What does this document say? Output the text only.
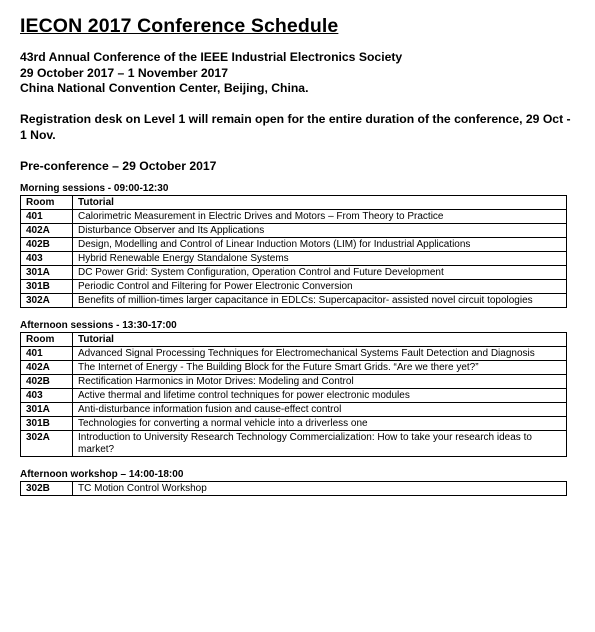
IECON 2017 Conference Schedule
43rd Annual Conference of the IEEE Industrial Electronics Society
29 October 2017 – 1 November 2017
China National Convention Center, Beijing, China.
Registration desk on Level 1 will remain open for the entire duration of the conference, 29 Oct - 1 Nov.
Pre-conference – 29 October 2017
Morning sessions - 09:00-12:30
Room	Tutorial
401	Calorimetric Measurement in Electric Drives and Motors – From Theory to Practice
402A	Disturbance Observer and Its Applications
402B	Design, Modelling and Control of Linear Induction Motors (LIM) for Industrial Applications
403	Hybrid Renewable Energy Standalone Systems
301A	DC Power Grid: System Configuration, Operation Control and Future Development
301B	Periodic Control and Filtering for Power Electronic Conversion
302A	Benefits of million-times larger capacitance in EDLCs: Supercapacitor- assisted novel circuit topologies
Afternoon sessions - 13:30-17:00
Room	Tutorial
401	Advanced Signal Processing Techniques for Electromechanical Systems Fault Detection and Diagnosis
402A	The Internet of Energy - The Building Block for the Future Smart Grids. “Are we there yet?”
402B	Rectification Harmonics in Motor Drives: Modeling and Control
403	Active thermal and lifetime control techniques for power electronic modules
301A	Anti-disturbance information fusion and cause-effect control
301B	Technologies for converting a normal vehicle into a driverless one
302A	Introduction to University Research Technology Commercialization: How to take your research ideas to market?
Afternoon workshop – 14:00-18:00
302B	TC Motion Control Workshop
